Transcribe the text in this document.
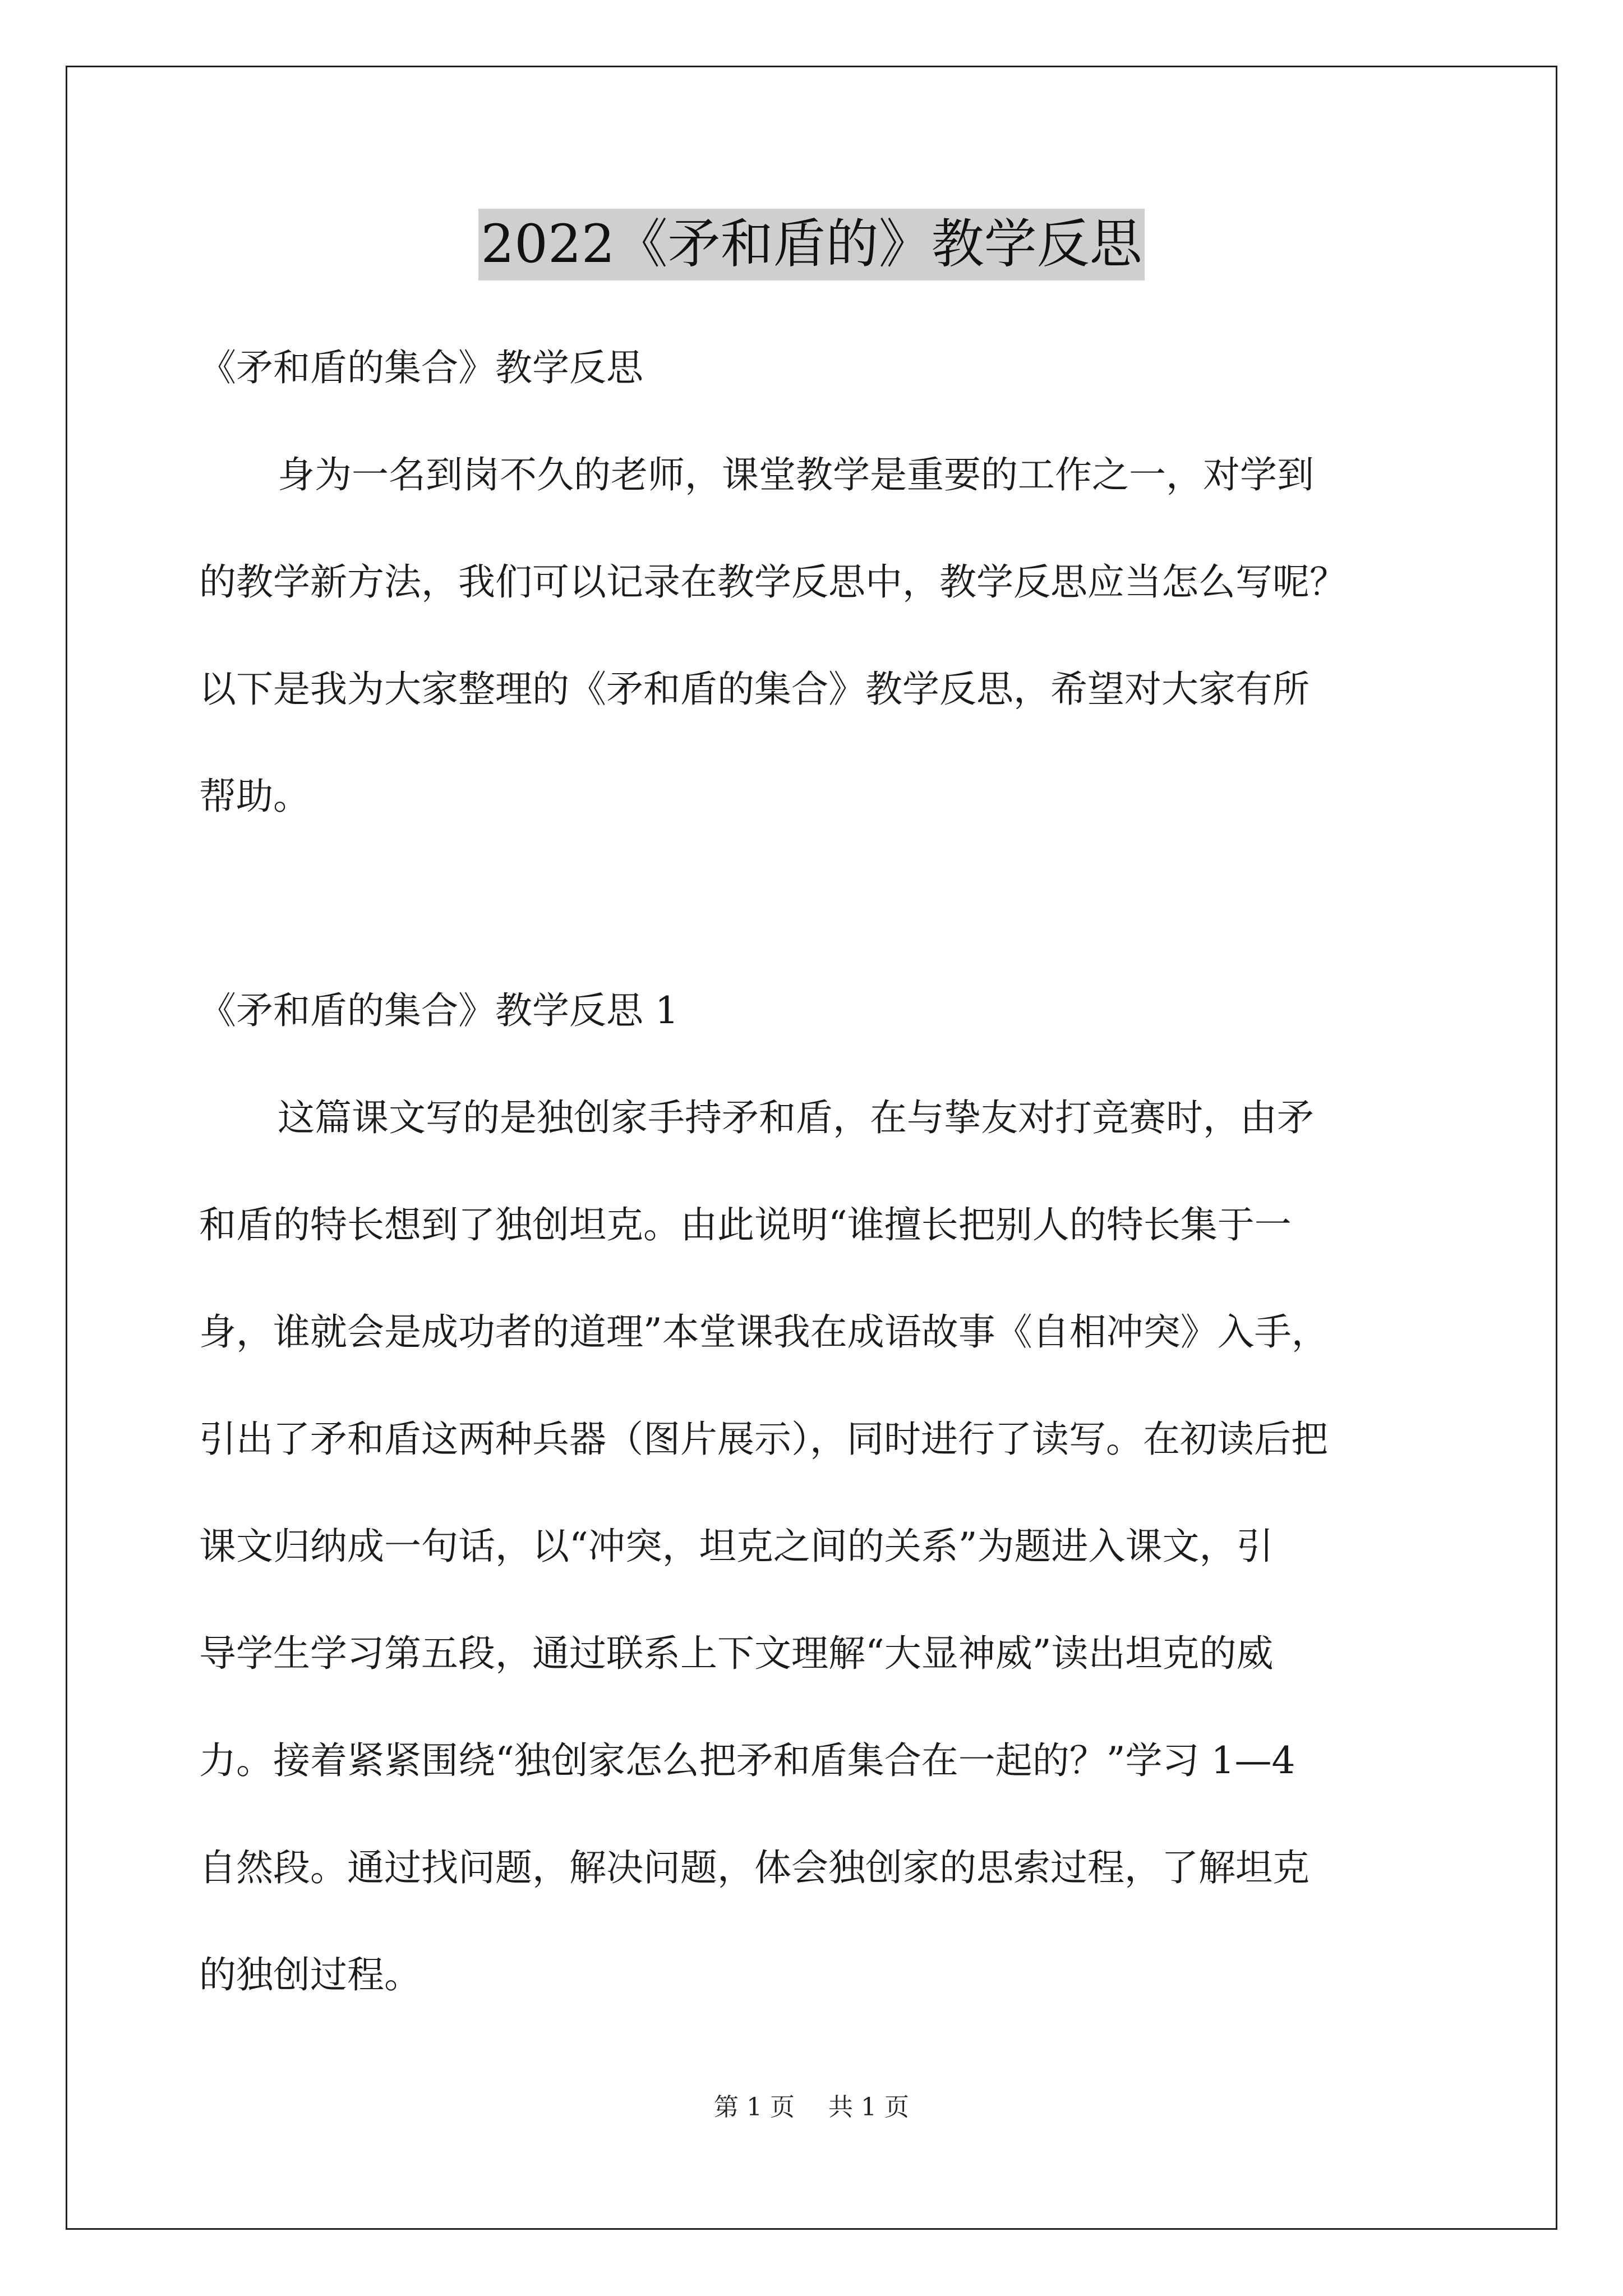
2022《矛和盾的》教学反思
《矛和盾的集合》教学反思
身为一名到岗不久的老师，课堂教学是重要的工作之一，对学到
的教学新方法，我们可以记录在教学反思中，教学反思应当怎么写呢？
以下是我为大家整理的《矛和盾的集合》教学反思，希望对大家有所
帮助。
《矛和盾的集合》教学反思 1
这篇课文写的是独创家手持矛和盾，在与挚友对打竞赛时，由矛
和盾的特长想到了独创坦克。由此说明“谁擅长把别人的特长集于一
身，谁就会是成功者的道理”本堂课我在成语故事《自相冲突》入手，
引出了矛和盾这两种兵器（图片展示），同时进行了读写。在初读后把
课文归纳成一句话，以“冲突，坦克之间的关系”为题进入课文，引
导学生学习第五段，通过联系上下文理解“大显神威”读出坦克的威
力。接着紧紧围绕“独创家怎么把矛和盾集合在一起的？”学习 1—4
自然段。通过找问题，解决问题，体会独创家的思索过程，了解坦克
的独创过程。
第 1 页 共 1 页
